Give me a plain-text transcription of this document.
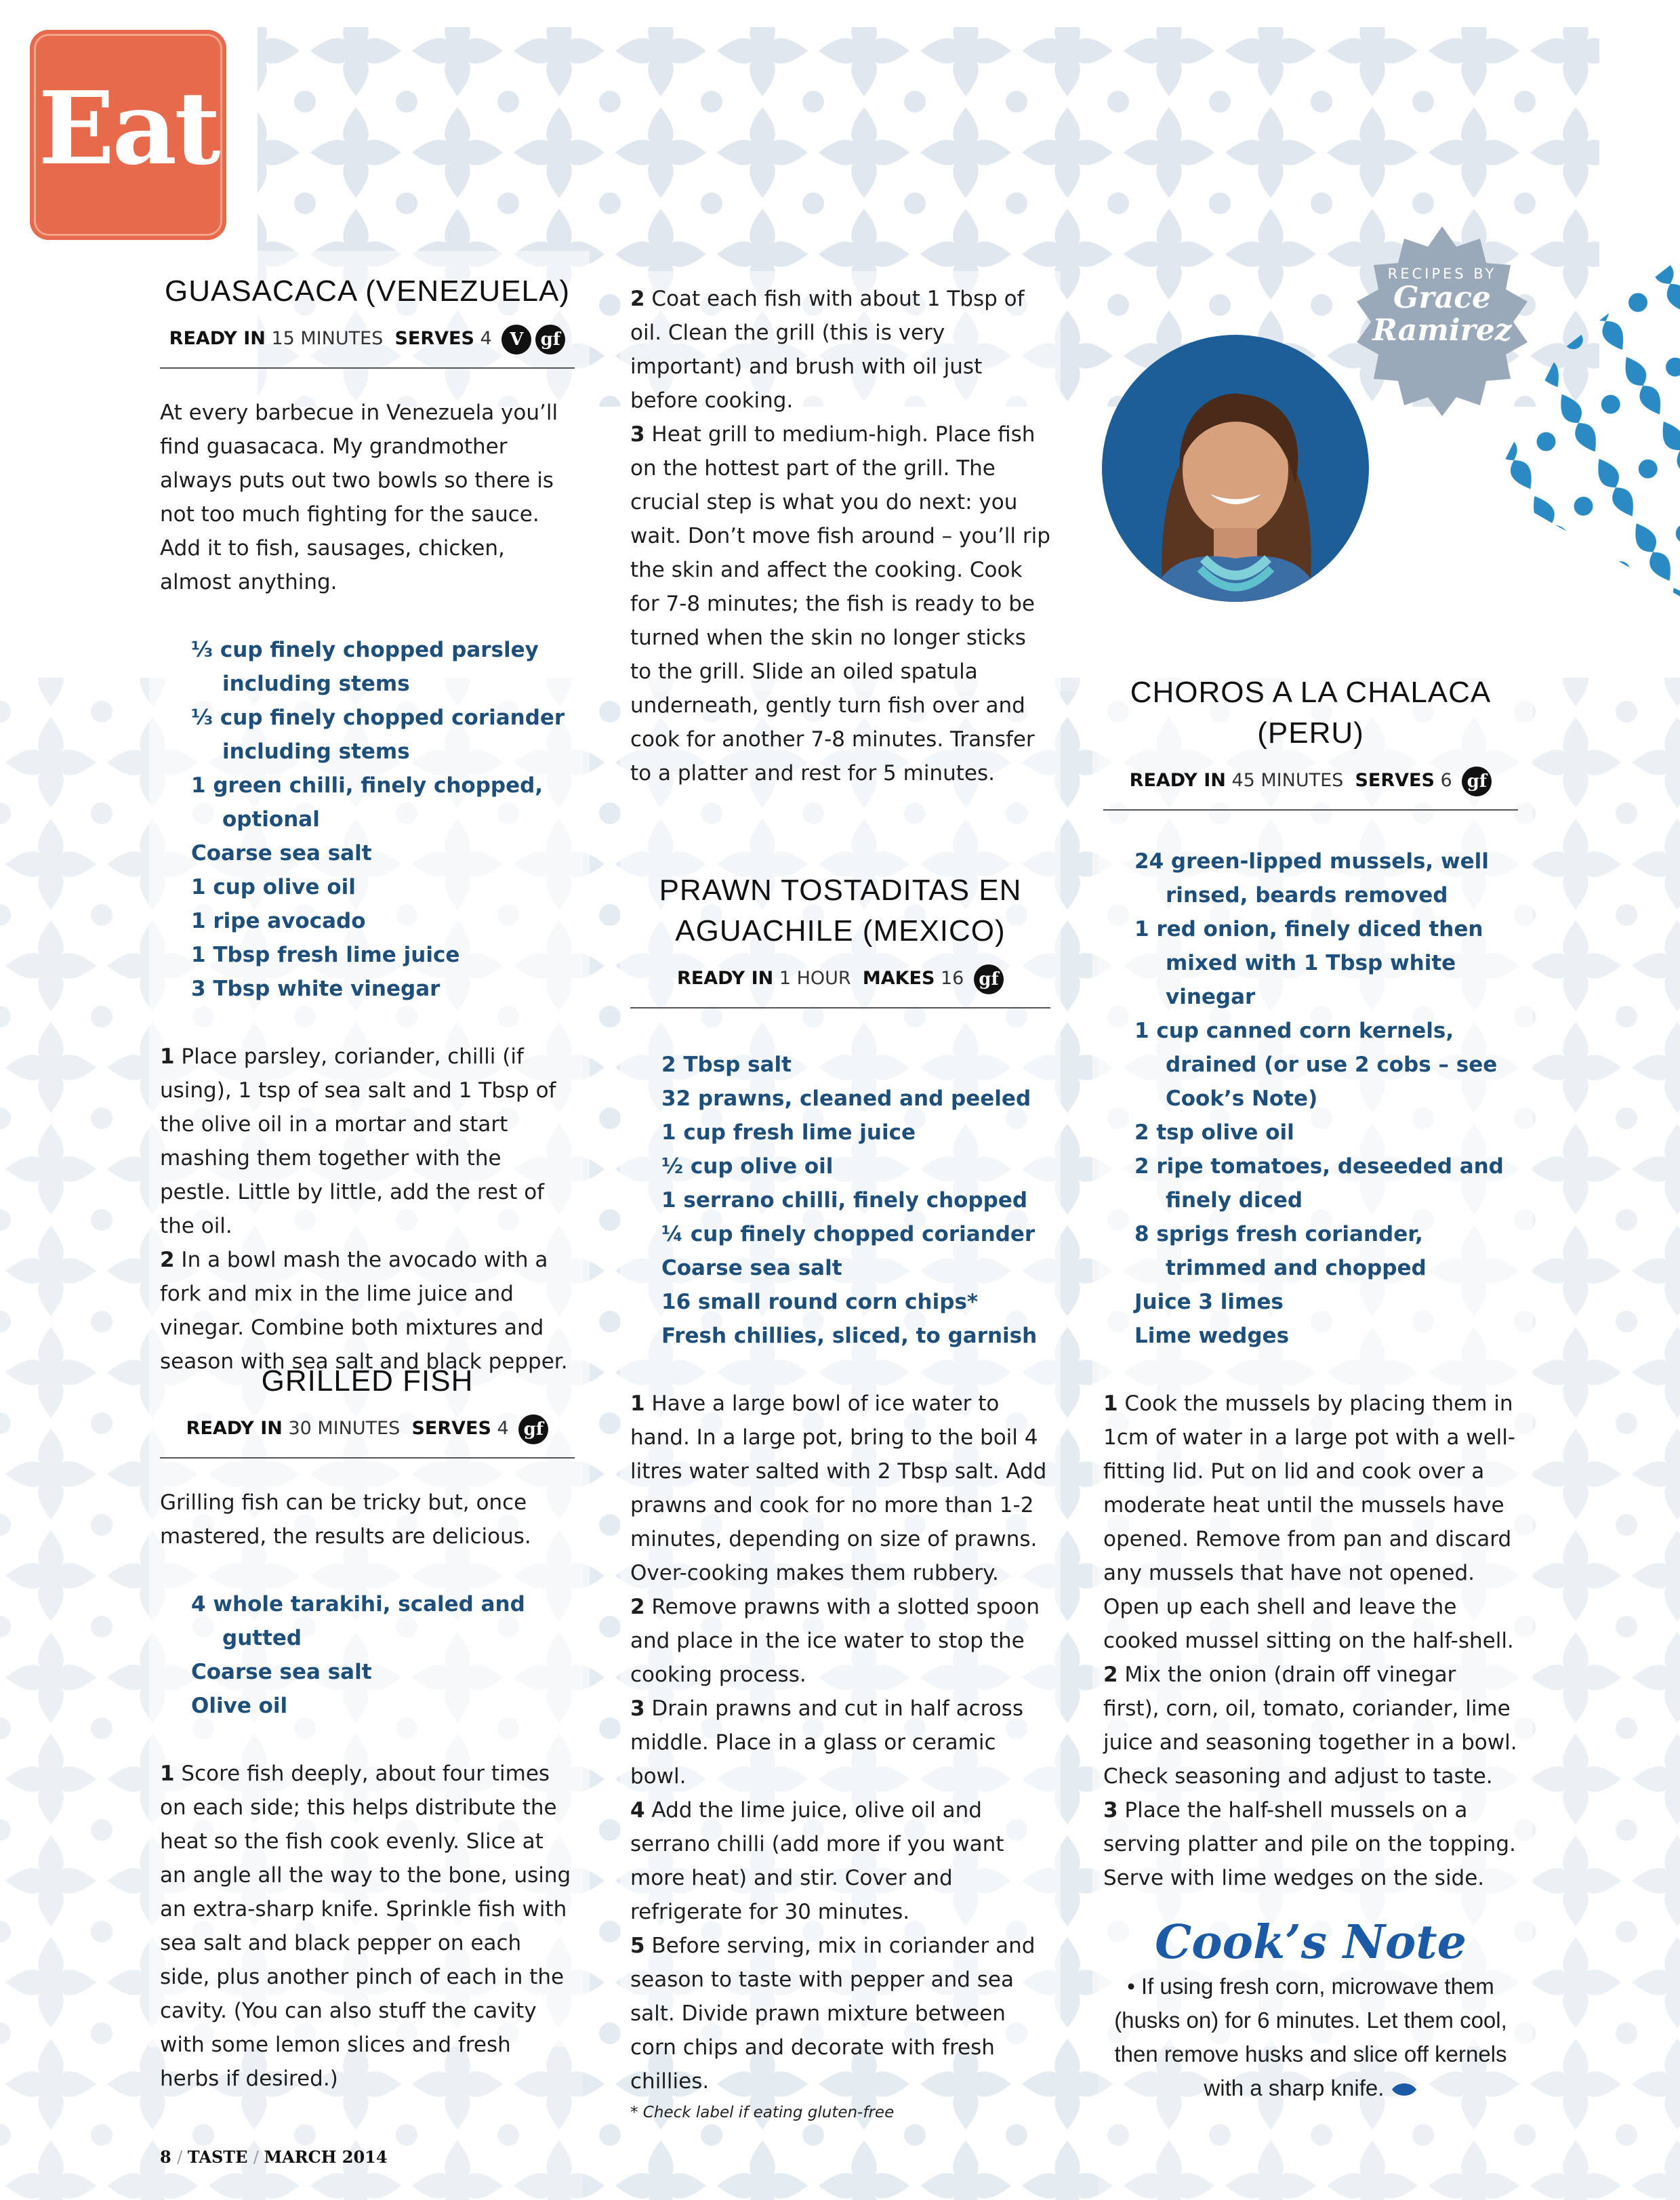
Eat
RECIPES BY
Grace
Ramirez
GUASACACA (VENEZUELA)
READY IN 15 MINUTES SERVES 4 V gf

At every barbecue in Venezuela you’ll find guasacaca. My grandmother always puts out two bowls so there is not too much fighting for the sauce. Add it to fish, sausages, chicken, almost anything.

⅓ cup finely chopped parsley including stems
⅓ cup finely chopped coriander including stems
1 green chilli, finely chopped, optional
Coarse sea salt
1 cup olive oil
1 ripe avocado
1 Tbsp fresh lime juice
3 Tbsp white vinegar

1 Place parsley, coriander, chilli (if using), 1 tsp of sea salt and 1 Tbsp of the olive oil in a mortar and start mashing them together with the pestle. Little by little, add the rest of the oil.

2 In a bowl mash the avocado with a fork and mix in the lime juice and vinegar. Combine both mixtures and season with sea salt and black pepper.

GRILLED FISH
READY IN 30 MINUTES SERVES 4 gf

Grilling fish can be tricky but, once mastered, the results are delicious.

4 whole tarakihi, scaled and gutted
Coarse sea salt
Olive oil

1 Score fish deeply, about four times on each side; this helps distribute the heat so the fish cook evenly. Slice at an angle all the way to the bone, using an extra-sharp knife. Sprinkle fish with sea salt and black pepper on each side, plus another pinch of each in the cavity. (You can also stuff the cavity with some lemon slices and fresh herbs if desired.)

2 Coat each fish with about 1 Tbsp of oil. Clean the grill (this is very important) and brush with oil just before cooking.

3 Heat grill to medium-high. Place fish on the hottest part of the grill. The crucial step is what you do next: you wait. Don’t move fish around – you’ll rip the skin and affect the cooking. Cook for 7-8 minutes; the fish is ready to be turned when the skin no longer sticks to the grill. Slide an oiled spatula underneath, gently turn fish over and cook for another 7-8 minutes. Transfer to a platter and rest for 5 minutes.

PRAWN TOSTADITAS EN
AGUACHILE (MEXICO)
READY IN 1 HOUR MAKES 16 gf
2 Tbsp salt
32 prawns, cleaned and peeled
1 cup fresh lime juice
½ cup olive oil
1 serrano chilli, finely chopped
¼ cup finely chopped coriander
Coarse sea salt
16 small round corn chips*
Fresh chillies, sliced, to garnish

1 Have a large bowl of ice water to hand. In a large pot, bring to the boil 4 litres water salted with 2 Tbsp salt. Add prawns and cook for no more than 1-2 minutes, depending on size of prawns. Over-cooking makes them rubbery.

2 Remove prawns with a slotted spoon and place in the ice water to stop the cooking process.

3 Drain prawns and cut in half across middle. Place in a glass or ceramic bowl.

4 Add the lime juice, olive oil and serrano chilli (add more if you want more heat) and stir. Cover and refrigerate for 30 minutes.

5 Before serving, mix in coriander and season to taste with pepper and sea salt. Divide prawn mixture between corn chips and decorate with fresh chillies.

* Check label if eating gluten-free
CHOROS A LA CHALACA (PERU)
READY IN 45 MINUTES SERVES 6 gf
24 green-lipped mussels, well rinsed, beards removed
1 red onion, finely diced then mixed with 1 Tbsp white vinegar
1 cup canned corn kernels, drained (or use 2 cobs – see Cook’s Note)
2 tsp olive oil
2 ripe tomatoes, deseeded and finely diced
8 sprigs fresh coriander, trimmed and chopped
Juice 3 limes
Lime wedges

1 Cook the mussels by placing them in 1cm of water in a large pot with a well-fitting lid. Put on lid and cook over a moderate heat until the mussels have opened. Remove from pan and discard any mussels that have not opened. Open up each shell and leave the cooked mussel sitting on the half-shell.

2 Mix the onion (drain off vinegar first), corn, oil, tomato, coriander, lime juice and seasoning together in a bowl. Check seasoning and adjust to taste.

3 Place the half-shell mussels on a serving platter and pile on the topping. Serve with lime wedges on the side.

Cook’s Note
• If using fresh corn, microwave them (husks on) for 6 minutes. Let them cool, then remove husks and slice off kernels with a sharp knife.
8 / TASTE / MARCH 2014
